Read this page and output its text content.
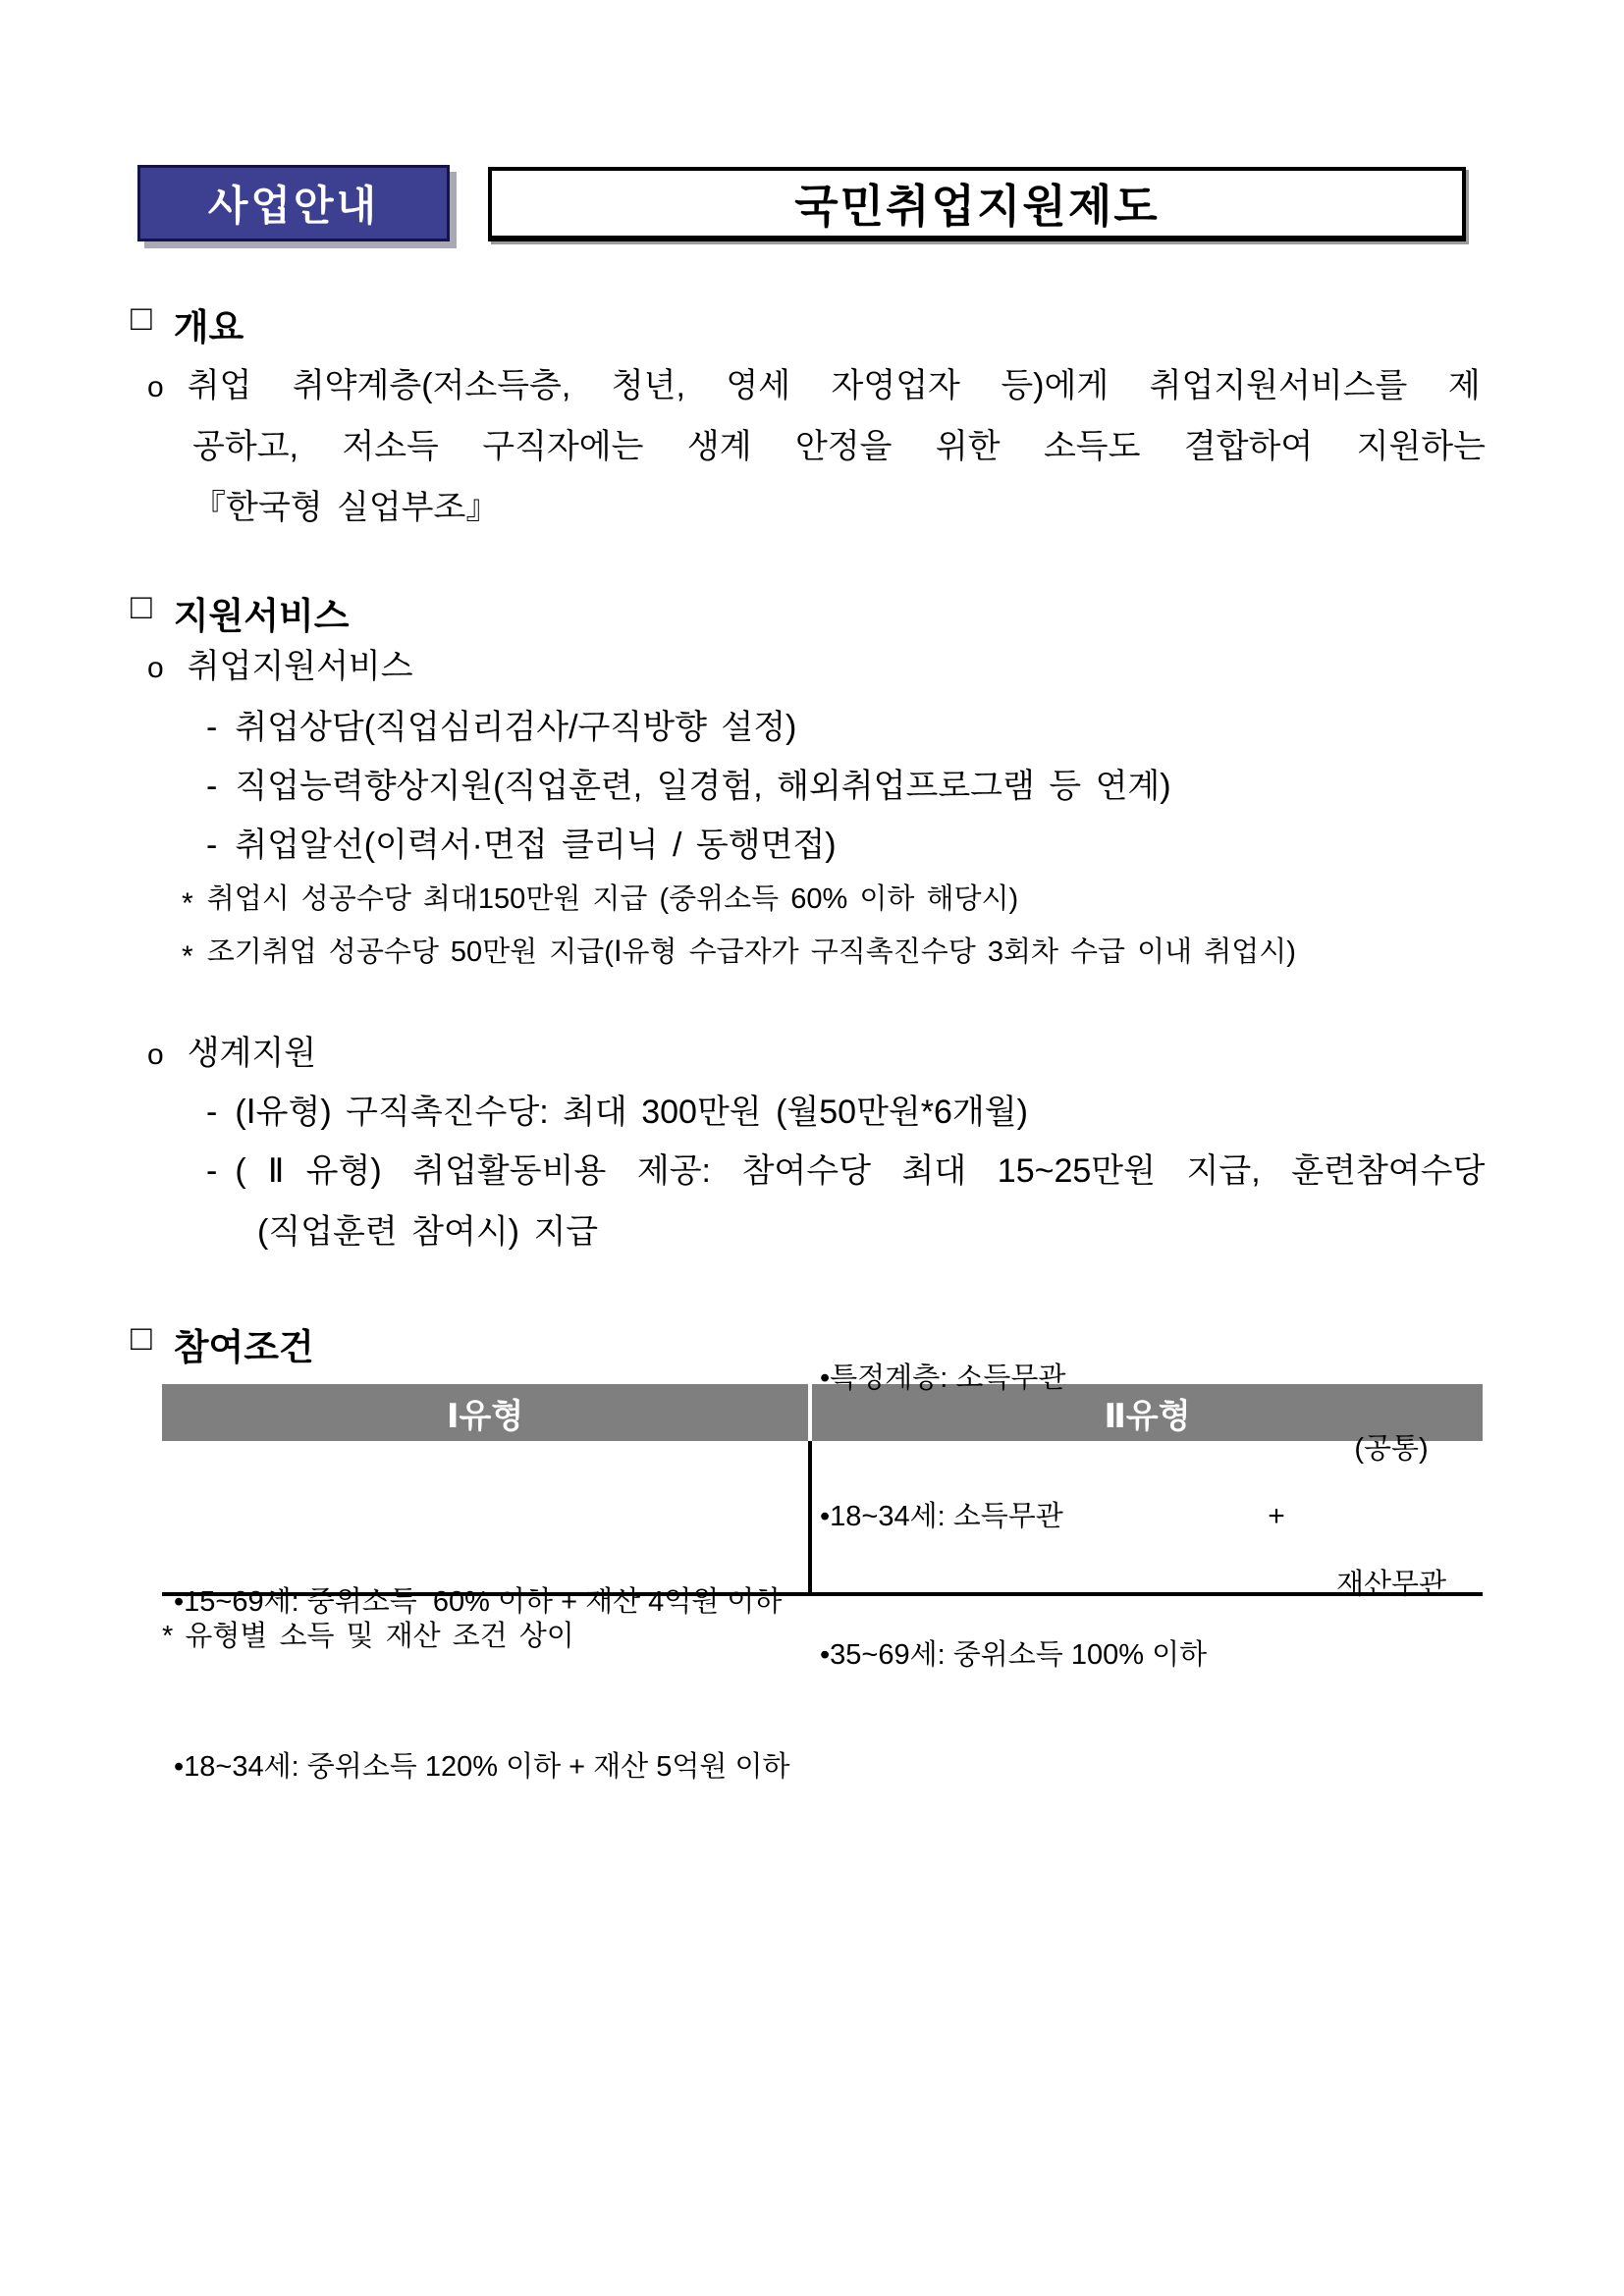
사업안내	국민취업지원제도
□ 개요
o 취업 취약계층(저소득층, 청년, 영세 자영업자 등)에게 취업지원서비스를 제
공하고, 저소득 구직자에는 생계 안정을 위한 소득도 결합하여 지원하는
『한국형 실업부조』
□ 지원서비스
o 취업지원서비스
- 취업상담(직업심리검사/구직방향 설정)
- 직업능력향상지원(직업훈련, 일경험, 해외취업프로그램 등 연계)
- 취업알선(이력서·면접 클리닉 / 동행면접)
* 취업시 성공수당 최대150만원 지급 (중위소득 60% 이하 해당시)
* 조기취업 성공수당 50만원 지급(Ⅰ유형 수급자가 구직촉진수당 3회차 수급 이내 취업시)
o 생계지원
- (Ⅰ유형) 구직촉진수당: 최대 300만원 (월50만원*6개월)
- (Ⅱ유형) 취업활동비용 제공: 참여수당 최대 15~25만원 지급, 훈련참여수당
(직업훈련 참여시) 지급
□ 참여조건
Ⅰ유형	Ⅱ유형

•15~69세: 중위소득  60% 이하 + 재산 4억원 이하

•18~34세: 중위소득 120% 이하 + 재산 5억원 이하

•특정계층: 소득무관

•18~34세: 소득무관

•35~69세: 중위소득 100% 이하

+

(공통)

재산무관

* 유형별 소득 및 재산 조건 상이
